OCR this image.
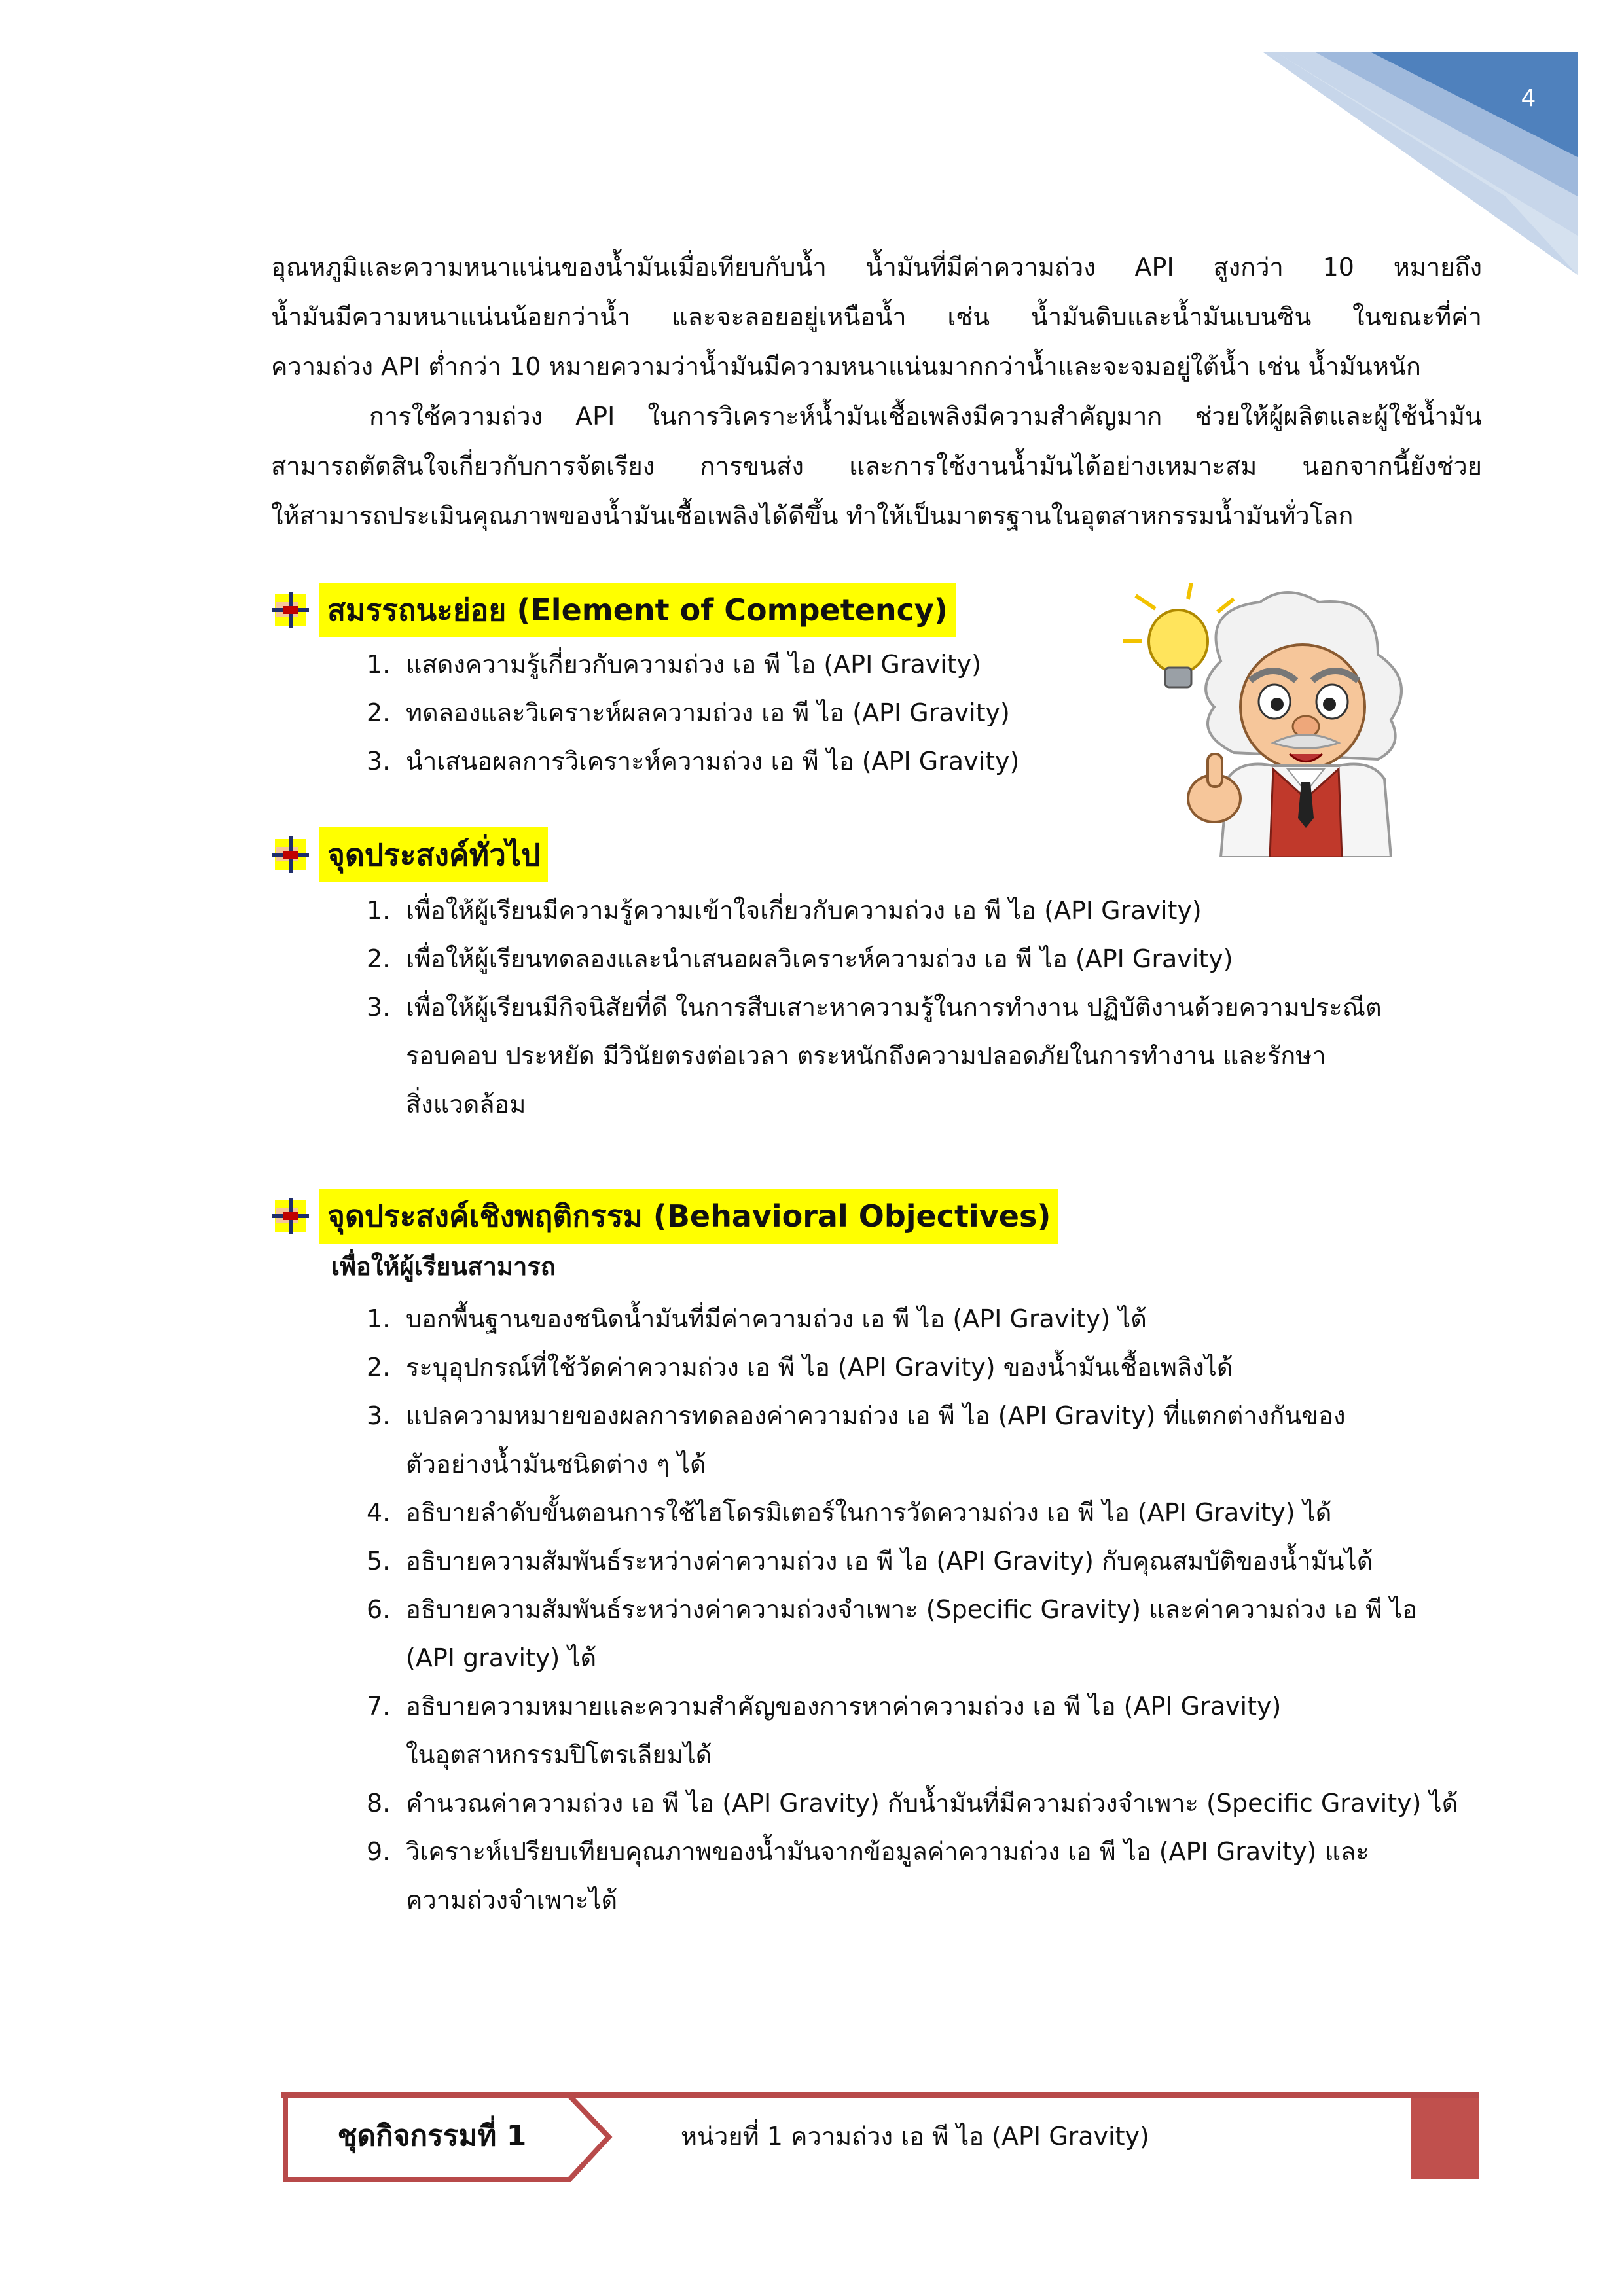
4

อุณหภูมิและความหนาแน่นของน้ำมันเมื่อเทียบกับน้ำ น้ำมันที่มีค่าความถ่วง API สูงกว่า 10 หมายถึง

น้ำมันมีความหนาแน่นน้อยกว่าน้ำ และจะลอยอยู่เหนือน้ำ เช่น น้ำมันดิบและน้ำมันเบนซิน ในขณะที่ค่า

ความถ่วง API ต่ำกว่า 10 หมายความว่าน้ำมันมีความหนาแน่นมากกว่าน้ำและจะจมอยู่ใต้น้ำ เช่น น้ำมันหนัก

การใช้ความถ่วง API ในการวิเคราะห์น้ำมันเชื้อเพลิงมีความสำคัญมาก ช่วยให้ผู้ผลิตและผู้ใช้น้ำมัน

สามารถตัดสินใจเกี่ยวกับการจัดเรียง การขนส่ง และการใช้งานน้ำมันได้อย่างเหมาะสม นอกจากนี้ยังช่วย

ให้สามารถประเมินคุณภาพของน้ำมันเชื้อเพลิงได้ดีขึ้น ทำให้เป็นมาตรฐานในอุตสาหกรรมน้ำมันทั่วโลก

สมรรถนะย่อย (Element of Competency)
1. แสดงความรู้เกี่ยวกับความถ่วง เอ พี ไอ (API Gravity)
2. ทดลองและวิเคราะห์ผลความถ่วง เอ พี ไอ (API Gravity)
3. นำเสนอผลการวิเคราะห์ความถ่วง เอ พี ไอ (API Gravity)
จุดประสงค์ทั่วไป
1. เพื่อให้ผู้เรียนมีความรู้ความเข้าใจเกี่ยวกับความถ่วง เอ พี ไอ (API Gravity)
2. เพื่อให้ผู้เรียนทดลองและนำเสนอผลวิเคราะห์ความถ่วง เอ พี ไอ (API Gravity)
3. เพื่อให้ผู้เรียนมีกิจนิสัยที่ดี ในการสืบเสาะหาความรู้ในการทำงาน ปฏิบัติงานด้วยความประณีต
รอบคอบ ประหยัด มีวินัยตรงต่อเวลา ตระหนักถึงความปลอดภัยในการทำงาน และรักษา
สิ่งแวดล้อม
จุดประสงค์เชิงพฤติกรรม (Behavioral Objectives)

เพื่อให้ผู้เรียนสามารถ

1. บอกพื้นฐานของชนิดน้ำมันที่มีค่าความถ่วง เอ พี ไอ (API Gravity) ได้
2. ระบุอุปกรณ์ที่ใช้วัดค่าความถ่วง เอ พี ไอ (API Gravity) ของน้ำมันเชื้อเพลิงได้
3. แปลความหมายของผลการทดลองค่าความถ่วง เอ พี ไอ (API Gravity) ที่แตกต่างกันของ
ตัวอย่างน้ำมันชนิดต่าง ๆ ได้
4. อธิบายลำดับขั้นตอนการใช้ไฮโดรมิเตอร์ในการวัดความถ่วง เอ พี ไอ (API Gravity) ได้
5. อธิบายความสัมพันธ์ระหว่างค่าความถ่วง เอ พี ไอ (API Gravity) กับคุณสมบัติของน้ำมันได้
6. อธิบายความสัมพันธ์ระหว่างค่าความถ่วงจำเพาะ (Specific Gravity) และค่าความถ่วง เอ พี ไอ
(API gravity) ได้
7. อธิบายความหมายและความสำคัญของการหาค่าความถ่วง เอ พี ไอ (API Gravity)
ในอุตสาหกรรมปิโตรเลียมได้
8. คำนวณค่าความถ่วง เอ พี ไอ (API Gravity) กับน้ำมันที่มีความถ่วงจำเพาะ (Specific Gravity) ได้
9. วิเคราะห์เปรียบเทียบคุณภาพของน้ำมันจากข้อมูลค่าความถ่วง เอ พี ไอ (API Gravity) และ
ความถ่วงจำเพาะได้
ชุดกิจกรรมที่ 1	หน่วยที่ 1 ความถ่วง เอ พี ไอ (API Gravity)
